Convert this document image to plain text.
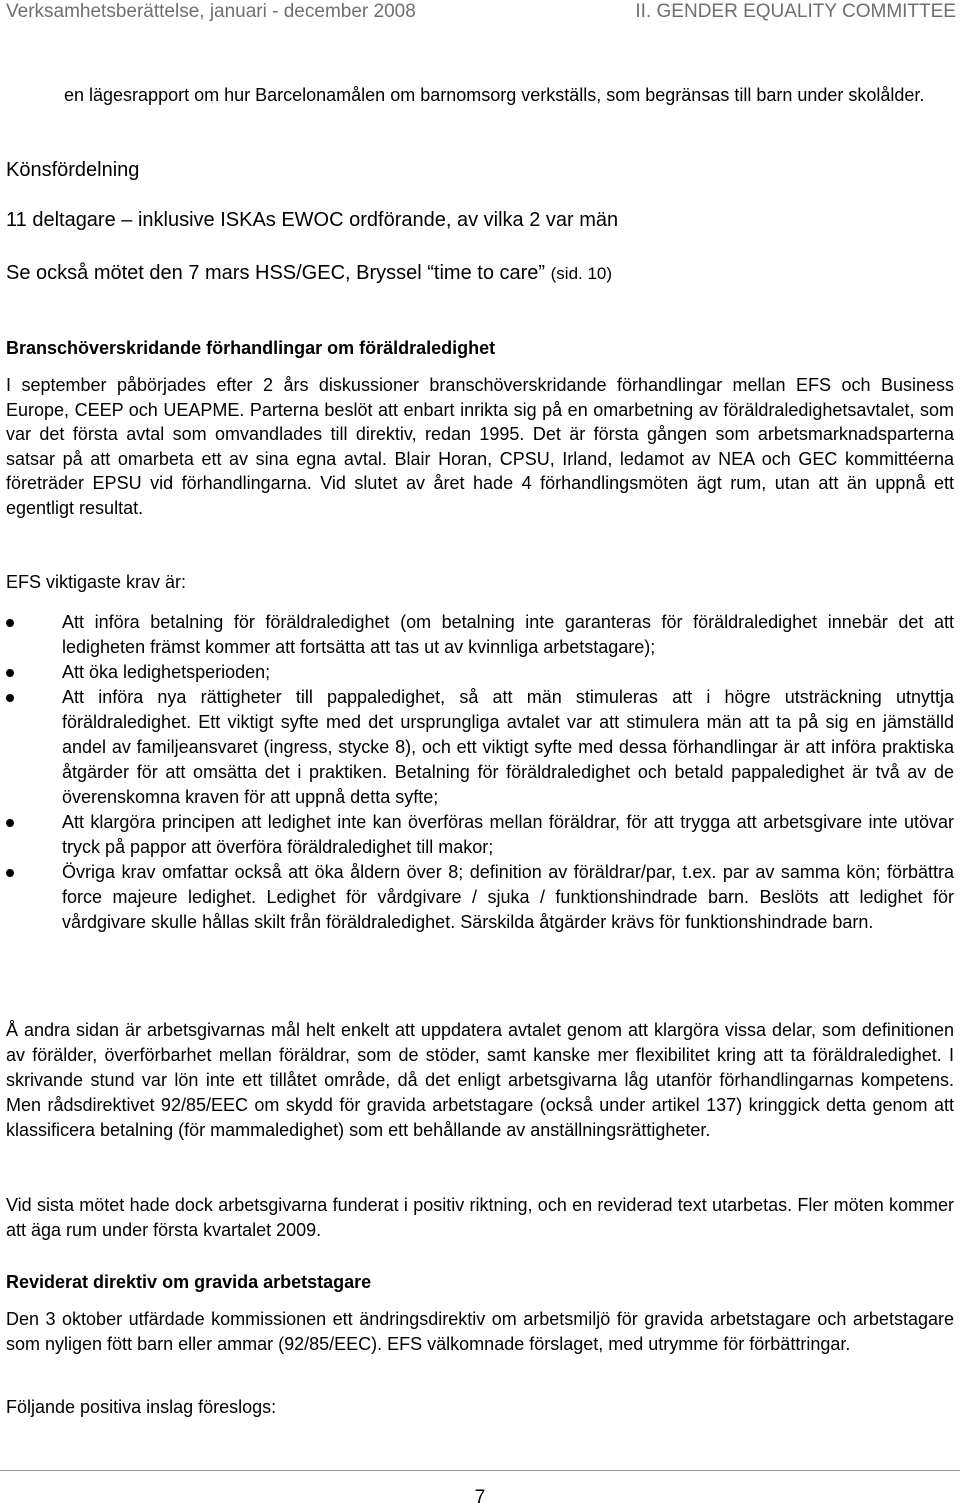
Verksamhetsberättelse, januari - december 2008	II. GENDER EQUALITY COMMITTEE
en lägesrapport om hur Barcelonamålen om barnomsorg verkställs, som begränsas till barn under skolålder.
Könsfördelning
11 deltagare – inklusive ISKAs EWOC ordförande, av vilka 2 var män
Se också mötet den 7 mars HSS/GEC, Bryssel “time to care” (sid. 10)
Branschöverskridande förhandlingar om föräldraledighet
I september påbörjades efter 2 års diskussioner branschöverskridande förhandlingar mellan EFS och Business Europe, CEEP och UEAPME. Parterna beslöt att enbart inrikta sig på en omarbetning av föräldraledighetsavtalet, som var det första avtal som omvandlades till direktiv, redan 1995. Det är första gången som arbetsmarknadsparterna satsar på att omarbeta ett av sina egna avtal. Blair Horan, CPSU, Irland, ledamot av NEA och GEC kommittéerna företräder EPSU vid förhandlingarna. Vid slutet av året hade 4 förhandlingsmöten ägt rum, utan att än uppnå ett egentligt resultat.
EFS viktigaste krav är:
Att införa betalning för föräldraledighet (om betalning inte garanteras för föräldraledighet innebär det att ledigheten främst kommer att fortsätta att tas ut av kvinnliga arbetstagare);
Att öka ledighetsperioden;
Att införa nya rättigheter till pappaledighet, så att män stimuleras att i högre utsträckning utnyttja föräldraledighet. Ett viktigt syfte med det ursprungliga avtalet var att stimulera män att ta på sig en jämställd andel av familjeansvaret (ingress, stycke 8), och ett viktigt syfte med dessa förhandlingar är att införa praktiska åtgärder för att omsätta det i praktiken. Betalning för föräldraledighet och betald pappaledighet är två av de överenskomna kraven för att uppnå detta syfte;
Att klargöra principen att ledighet inte kan överföras mellan föräldrar, för att trygga att arbetsgivare inte utövar tryck på pappor att överföra föräldraledighet till makor;
Övriga krav omfattar också att öka åldern över 8; definition av föräldrar/par, t.ex. par av samma kön; förbättra force majeure ledighet. Ledighet för vårdgivare / sjuka / funktionshindrade barn. Beslöts att ledighet för vårdgivare skulle hållas skilt från föräldraledighet. Särskilda åtgärder krävs för funktionshindrade barn.
Å andra sidan är arbetsgivarnas mål helt enkelt att uppdatera avtalet genom att klargöra vissa delar, som definitionen av förälder, överförbarhet mellan föräldrar, som de stöder, samt kanske mer flexibilitet kring att ta föräldraledighet. I skrivande stund var lön inte ett tillåtet område, då det enligt arbetsgivarna låg utanför förhandlingarnas kompetens. Men rådsdirektivet 92/85/EEC om skydd för gravida arbetstagare (också under artikel 137) kringgick detta genom att klassificera betalning (för mammaledighet) som ett behållande av anställningsrättigheter.
Vid sista mötet hade dock arbetsgivarna funderat i positiv riktning, och en reviderad text utarbetas. Fler möten kommer att äga rum under första kvartalet 2009.
Reviderat direktiv om gravida arbetstagare
Den 3 oktober utfärdade kommissionen ett ändringsdirektiv om arbetsmiljö för gravida arbetstagare och arbetstagare som nyligen fött barn eller ammar (92/85/EEC). EFS välkomnade förslaget, med utrymme för förbättringar.
Följande positiva inslag föreslogs:
7
